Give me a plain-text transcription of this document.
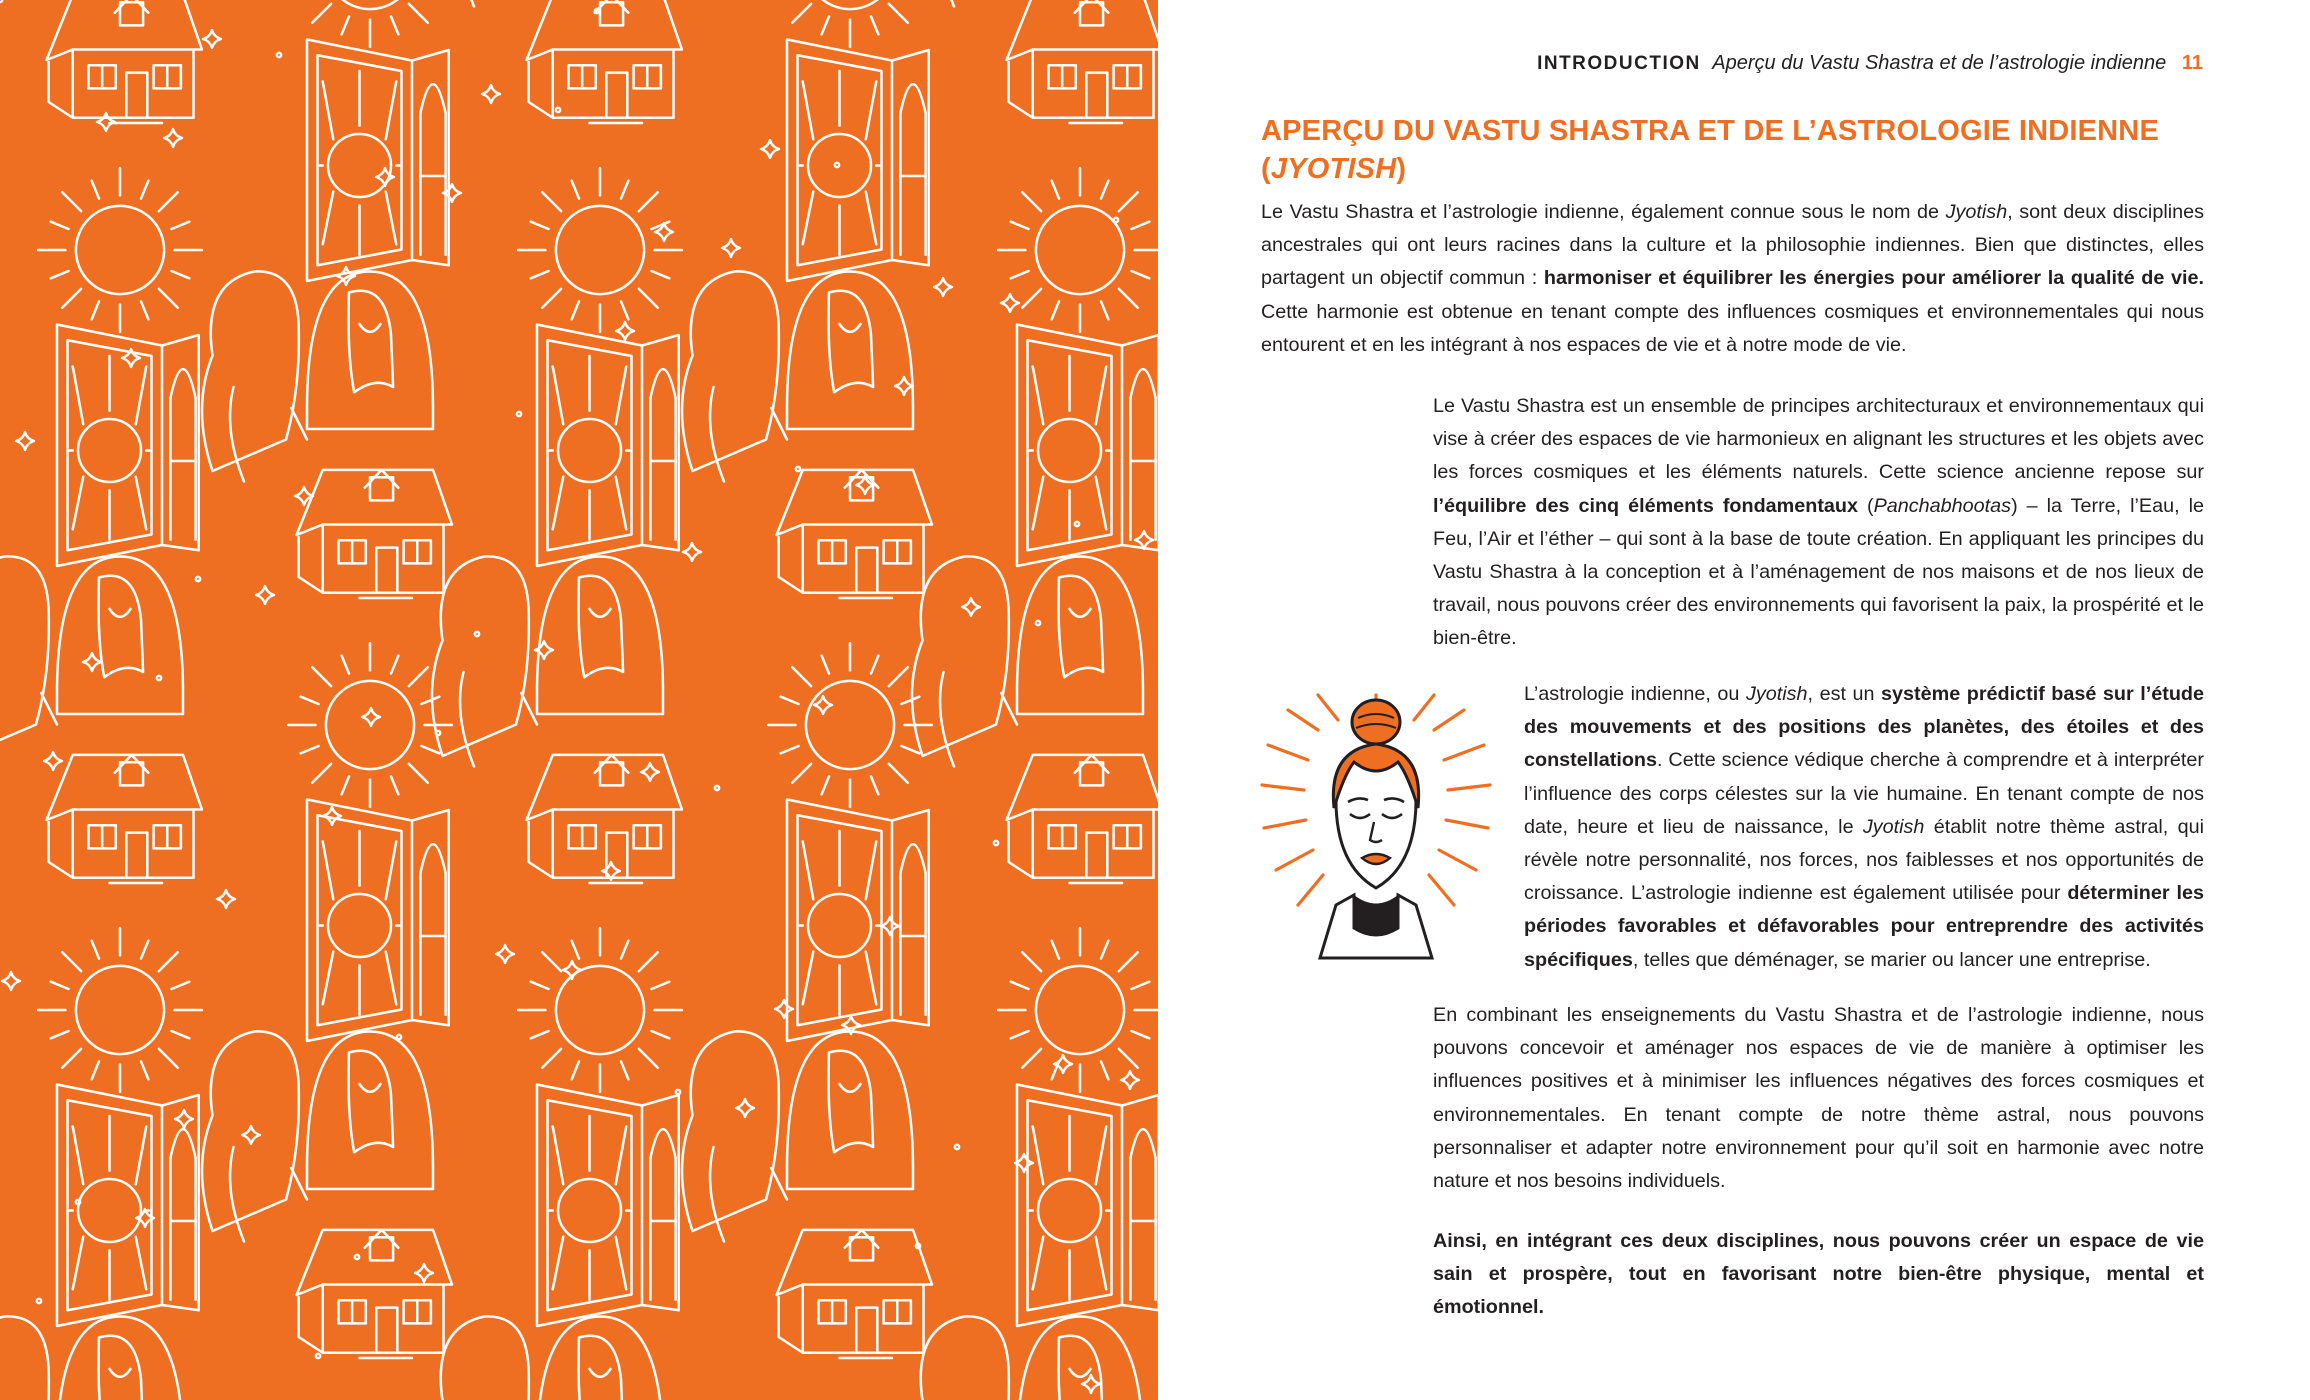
INTRODUCTION Aperçu du Vastu Shastra et de l’astrologie indienne 11
APERÇU DU VASTU SHASTRA ET DE L’ASTROLOGIE INDIENNE
(JYOTISH)

Le Vastu Shastra et l’astrologie indienne, également connue sous le nom de Jyotish, sont deux disciplines ancestrales qui ont leurs racines dans la culture et la philosophie indiennes. Bien que distinctes, elles partagent un objectif commun : harmoniser et équilibrer les énergies pour améliorer la qualité de vie. Cette harmonie est obtenue en tenant compte des influences cosmiques et environnementales qui nous entourent et en les intégrant à nos espaces de vie et à notre mode de vie.

Le Vastu Shastra est un ensemble de principes architecturaux et environnementaux qui vise à créer des espaces de vie harmonieux en alignant les structures et les objets avec les forces cosmiques et les éléments naturels. Cette science ancienne repose sur l’équilibre des cinq éléments fondamentaux (Panchabhootas) – la Terre, l’Eau, le Feu, l’Air et l’éther – qui sont à la base de toute création. En appliquant les principes du Vastu Shastra à la conception et à l’aménagement de nos maisons et de nos lieux de travail, nous pouvons créer des environnements qui favorisent la paix, la prospérité et le bien-être.

L’astrologie indienne, ou Jyotish, est un système prédictif basé sur l’étude des mouvements et des positions des planètes, des étoiles et des constellations. Cette science védique cherche à comprendre et à interpréter l’influence des corps célestes sur la vie humaine. En tenant compte de nos date, heure et lieu de naissance, le Jyotish établit notre thème astral, qui révèle notre personnalité, nos forces, nos faiblesses et nos opportunités de croissance. L’astrologie indienne est également utilisée pour déterminer les périodes favorables et défavorables pour entreprendre des activités spécifiques, telles que déménager, se marier ou lancer une entreprise.

En combinant les enseignements du Vastu Shastra et de l’astrologie indienne, nous pouvons concevoir et aménager nos espaces de vie de manière à optimiser les influences positives et à minimiser les influences négatives des forces cosmiques et environnementales. En tenant compte de notre thème astral, nous pouvons personnaliser et adapter notre environnement pour qu’il soit en harmonie avec notre nature et nos besoins individuels.

Ainsi, en intégrant ces deux disciplines, nous pouvons créer un espace de vie sain et prospère, tout en favorisant notre bien-être physique, mental et émotionnel.
